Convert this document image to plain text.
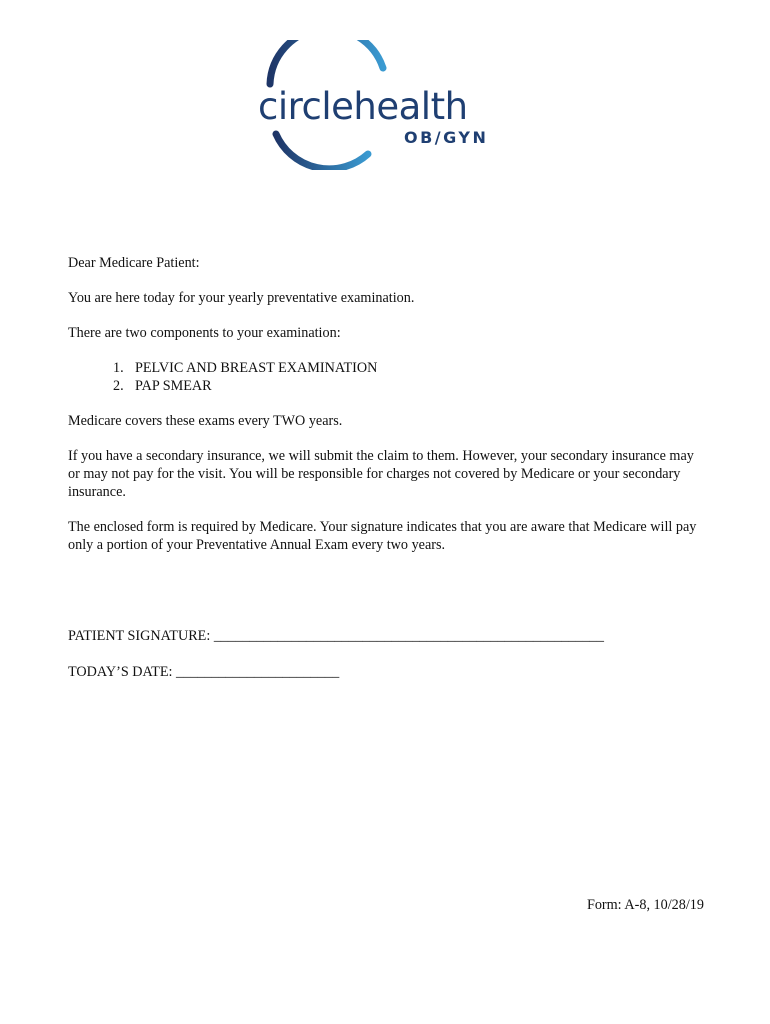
circlehealth
OB/GYN

Dear Medicare Patient:

You are here today for your yearly preventative examination.

There are two components to your examination:

1. PELVIC AND BREAST EXAMINATION
2. PAP SMEAR

Medicare covers these exams every TWO years.

If you have a secondary insurance, we will submit the claim to them. However, your secondary insurance may or may not pay for the visit. You will be responsible for charges not covered by Medicare or your secondary insurance.

The enclosed form is required by Medicare. Your signature indicates that you are aware that Medicare will pay only a portion of your Preventative Annual Exam every two years.

PATIENT SIGNATURE: _______________________________________________________
TODAY’S DATE: _______________________
Form: A-8, 10/28/19
